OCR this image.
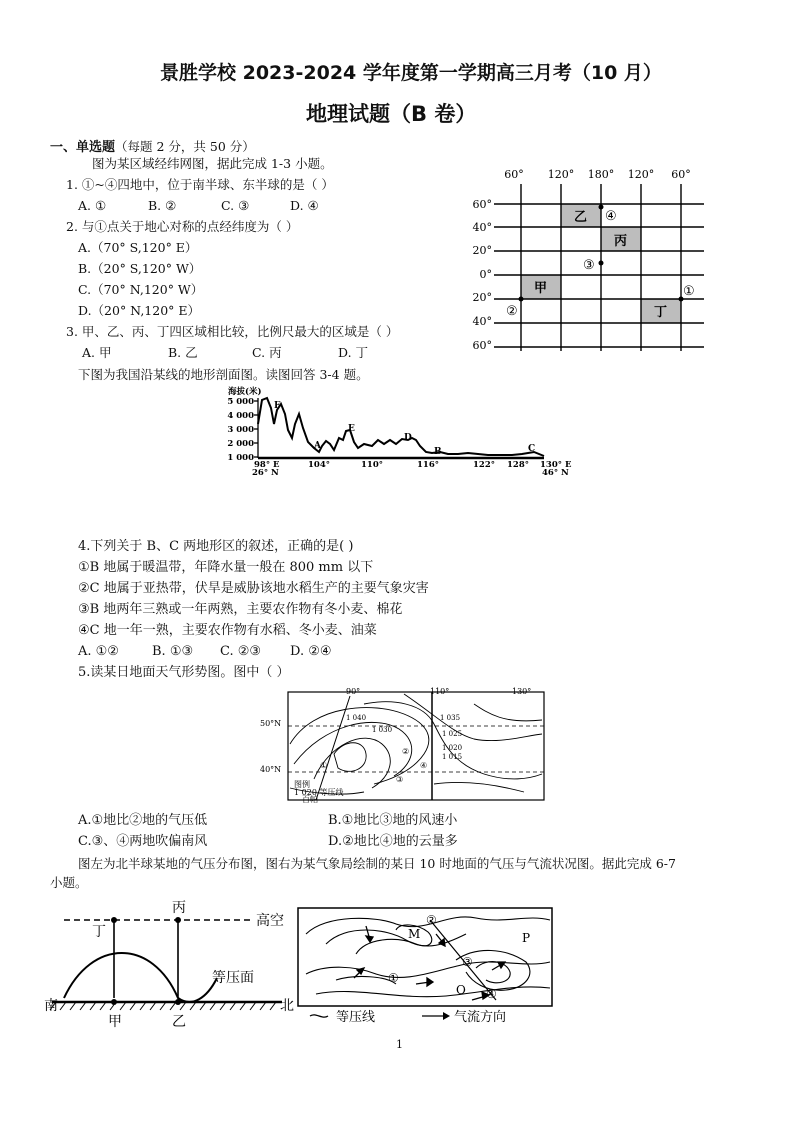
景胜学校 2023-2024 学年度第一学期高三月考（10 月）
地理试题（B 卷）
一、单选题（每题 2 分，共 50 分）
图为某区域经纬网图，据此完成 1-3 小题。
1. ①~④四地中，位于南半球、东半球的是（ ）
A. ①	B. ②	C. ③	D. ④
2. 与①点关于地心对称的点经纬度为（ ）
A.（70° S,120° E）
B.（20° S,120° W）
C.（70° N,120° W）
D.（20° N,120° E）
3. 甲、乙、丙、丁四区域相比较，比例尺最大的区域是（ ）
A. 甲	B. 乙	C. 丙	D. 丁
60° 120° 180° 120° 60°
60°
40°
20°
0°
20°
40°
60°
乙
丙
甲
丁
①
②
③
④
下图为我国沿某线的地形剖面图。读图回答 3-4 题。
海拔(米)
5 000
4 000
3 000
2 000
1 000
F
A
E
D
B	C
98° E
26° N
104°	110°	116°	122° 128° 130° E
46° N
4.下列关于 B、C 两地形区的叙述，正确的是( )
①B 地属于暖温带，年降水量一般在 800 mm 以下
②C 地属于亚热带，伏旱是威胁该地水稻生产的主要气象灾害
③B 地两年三熟或一年两熟，主要农作物有冬小麦、棉花
④C 地一年一熟，主要农作物有水稻、冬小麦、油菜
A. ①②	B. ①③ C. ②③ D. ②④
5.读某日地面天气形势图。图中（ ）
90°	110°	130°
50°N
40°N
1 035
1 025
1 020
1 015
1 040
1 030
图例
1 020 等压线
百帕
①
②
④
③
A.①地比②地的气压低	B.①地比③地的风速小
C.③、④两地吹偏南风	D.②地比④地的云量多
图左为北半球某地的气压分布图，图右为某气象局绘制的某日 10 时地面的气压与气流状况图。据此完成 6-7
小题。
丙
丁
高空
等压面
南	北
甲	乙
M	P
O
①
②
③
④
等压线	气流方向
1
